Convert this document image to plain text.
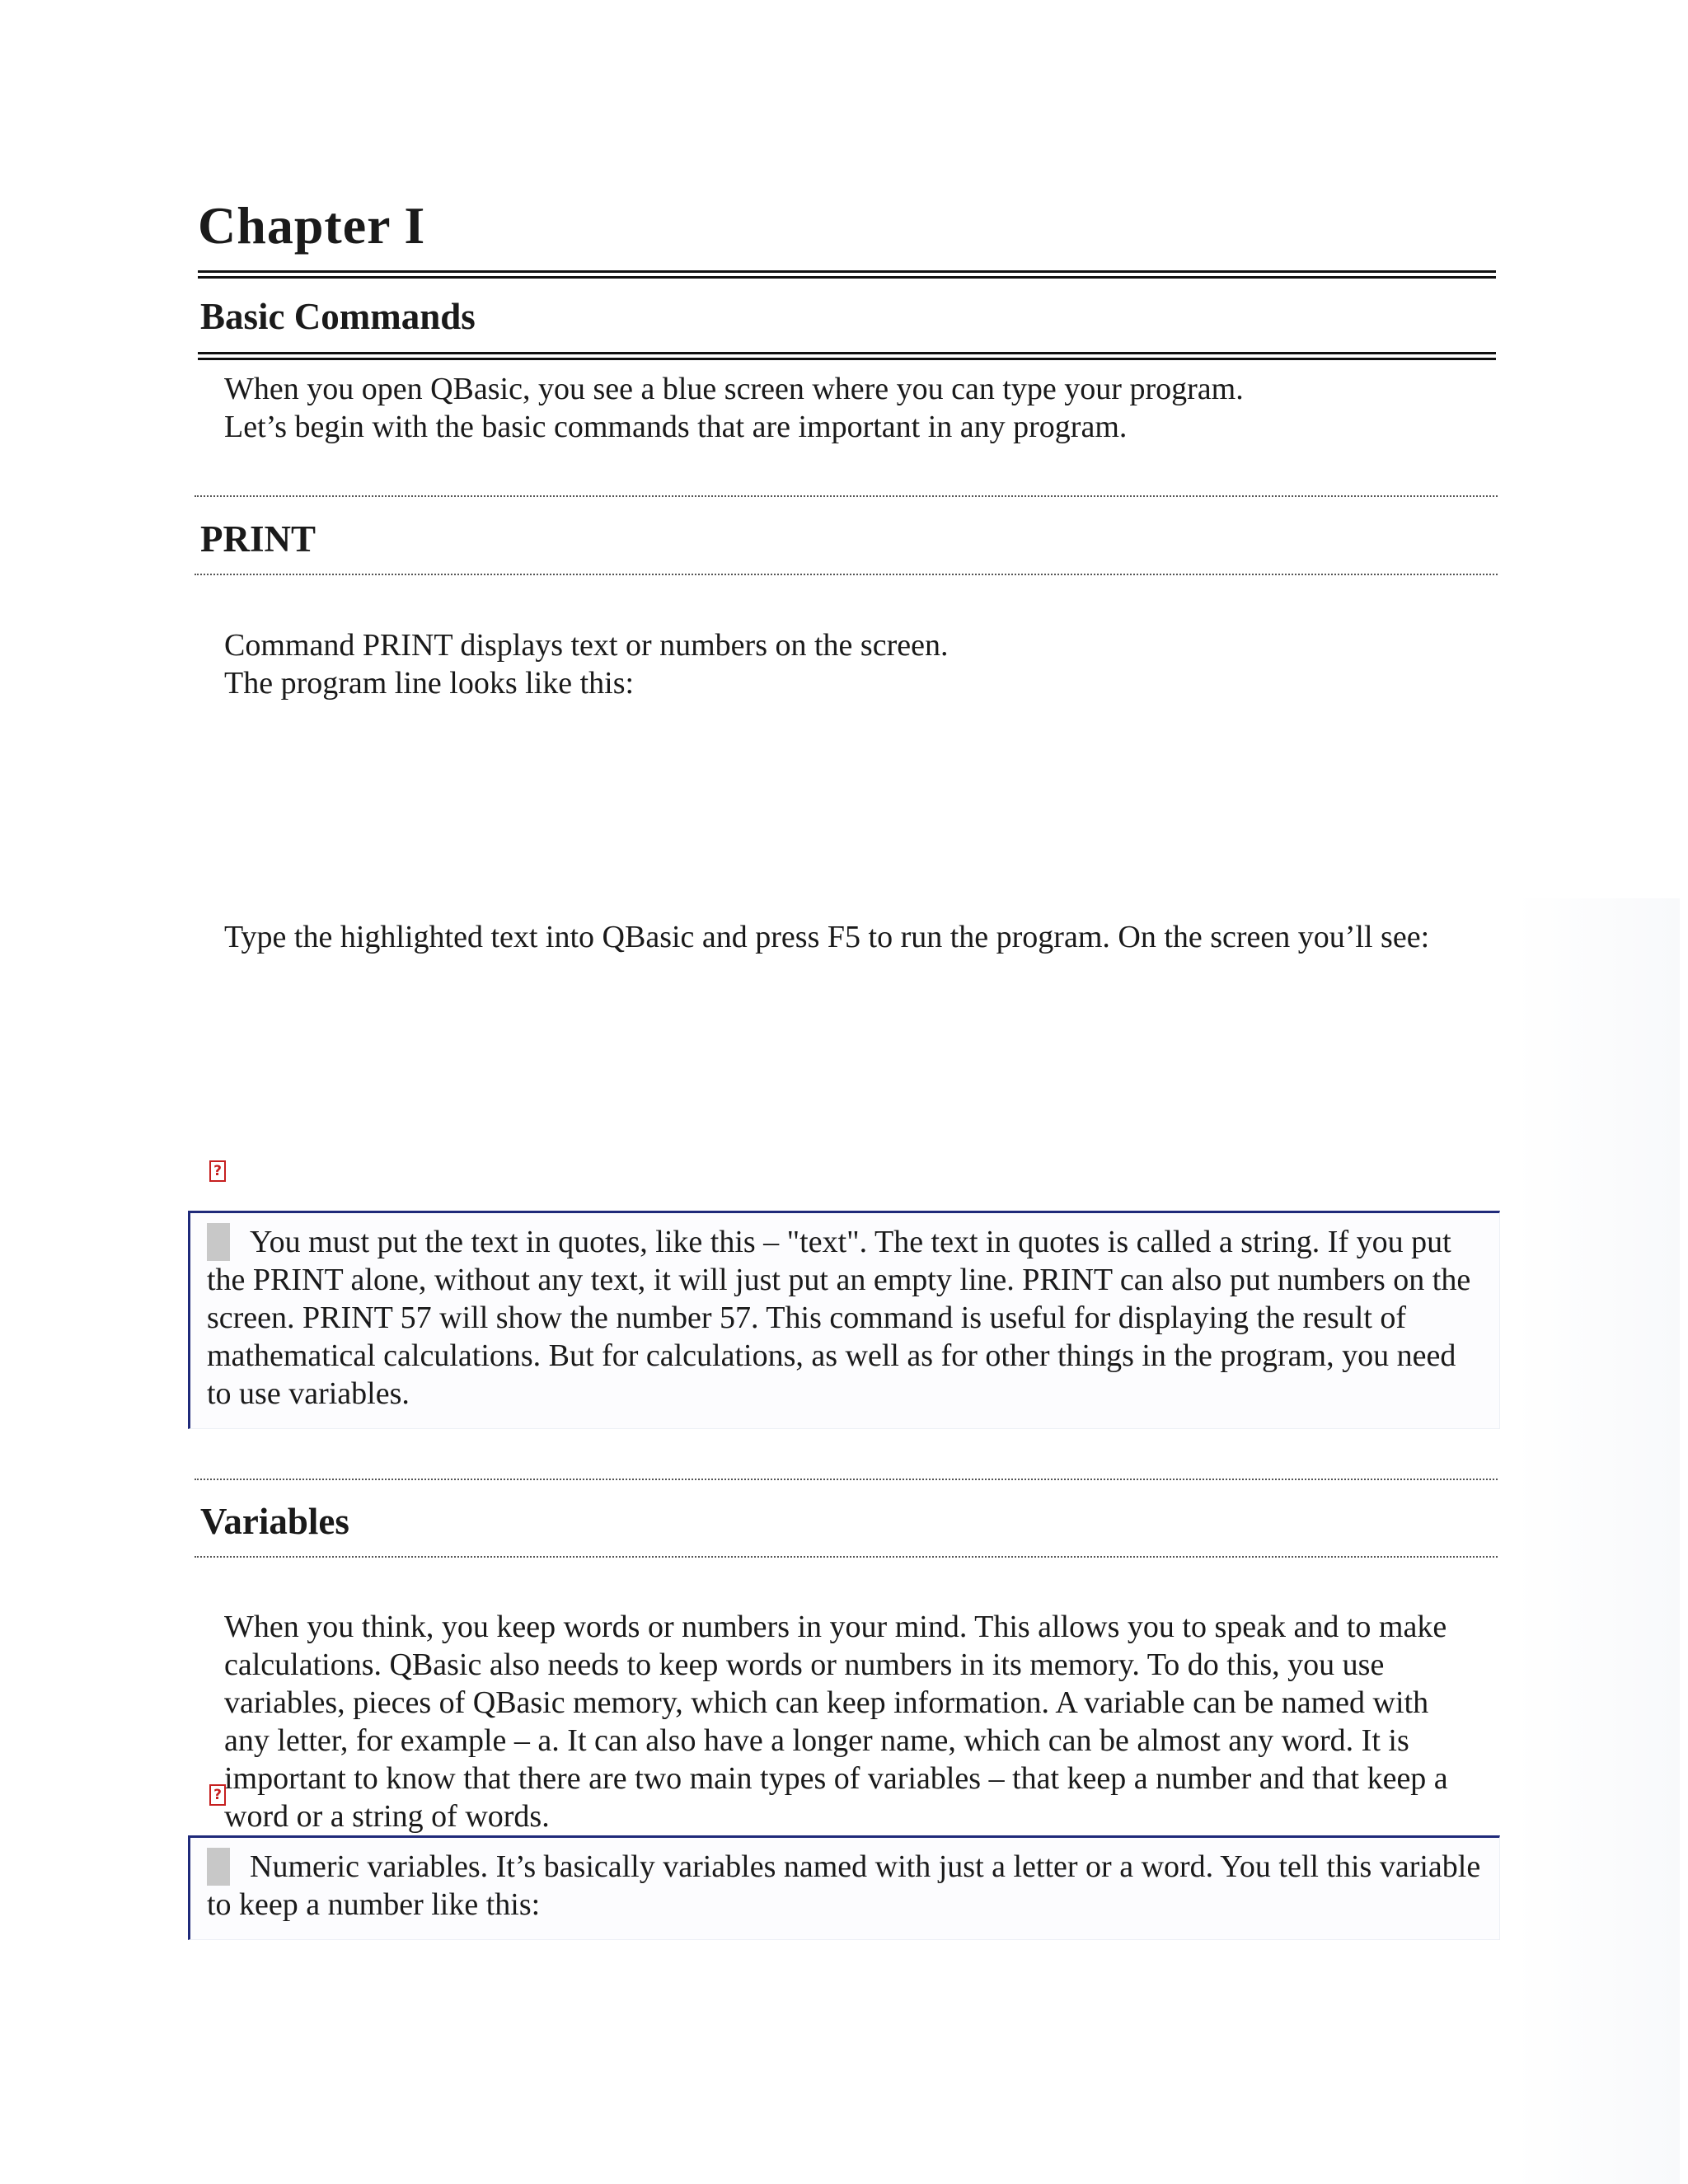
Chapter I
Basic Commands

When you open QBasic, you see a blue screen where you can type your program.

Let’s begin with the basic commands that are important in any program.

PRINT

Command PRINT displays text or numbers on the screen.

The program line looks like this:

Type the highlighted text into QBasic and press F5 to run the program. On the screen you’ll see:

?
You must put the text in quotes, like this – "text". The text in quotes is called a string. If you put the PRINT alone, without any text, it will just put an empty line. PRINT can also put numbers on the screen. PRINT 57 will show the number 57. This command is useful for displaying the result of mathematical calculations. But for calculations, as well as for other things in the program, you need to use variables.
Variables

When you think, you keep words or numbers in your mind. This allows you to speak and to make calculations. QBasic also needs to keep words or numbers in its memory. To do this, you use variables, pieces of QBasic memory, which can keep information. A variable can be named with any letter, for example – a. It can also have a longer name, which can be almost any word. It is important to know that there are two main types of variables – that keep a number and that keep a word or a string of words.

?
Numeric variables. It’s basically variables named with just a letter or a word. You tell this variable to keep a number like this:
